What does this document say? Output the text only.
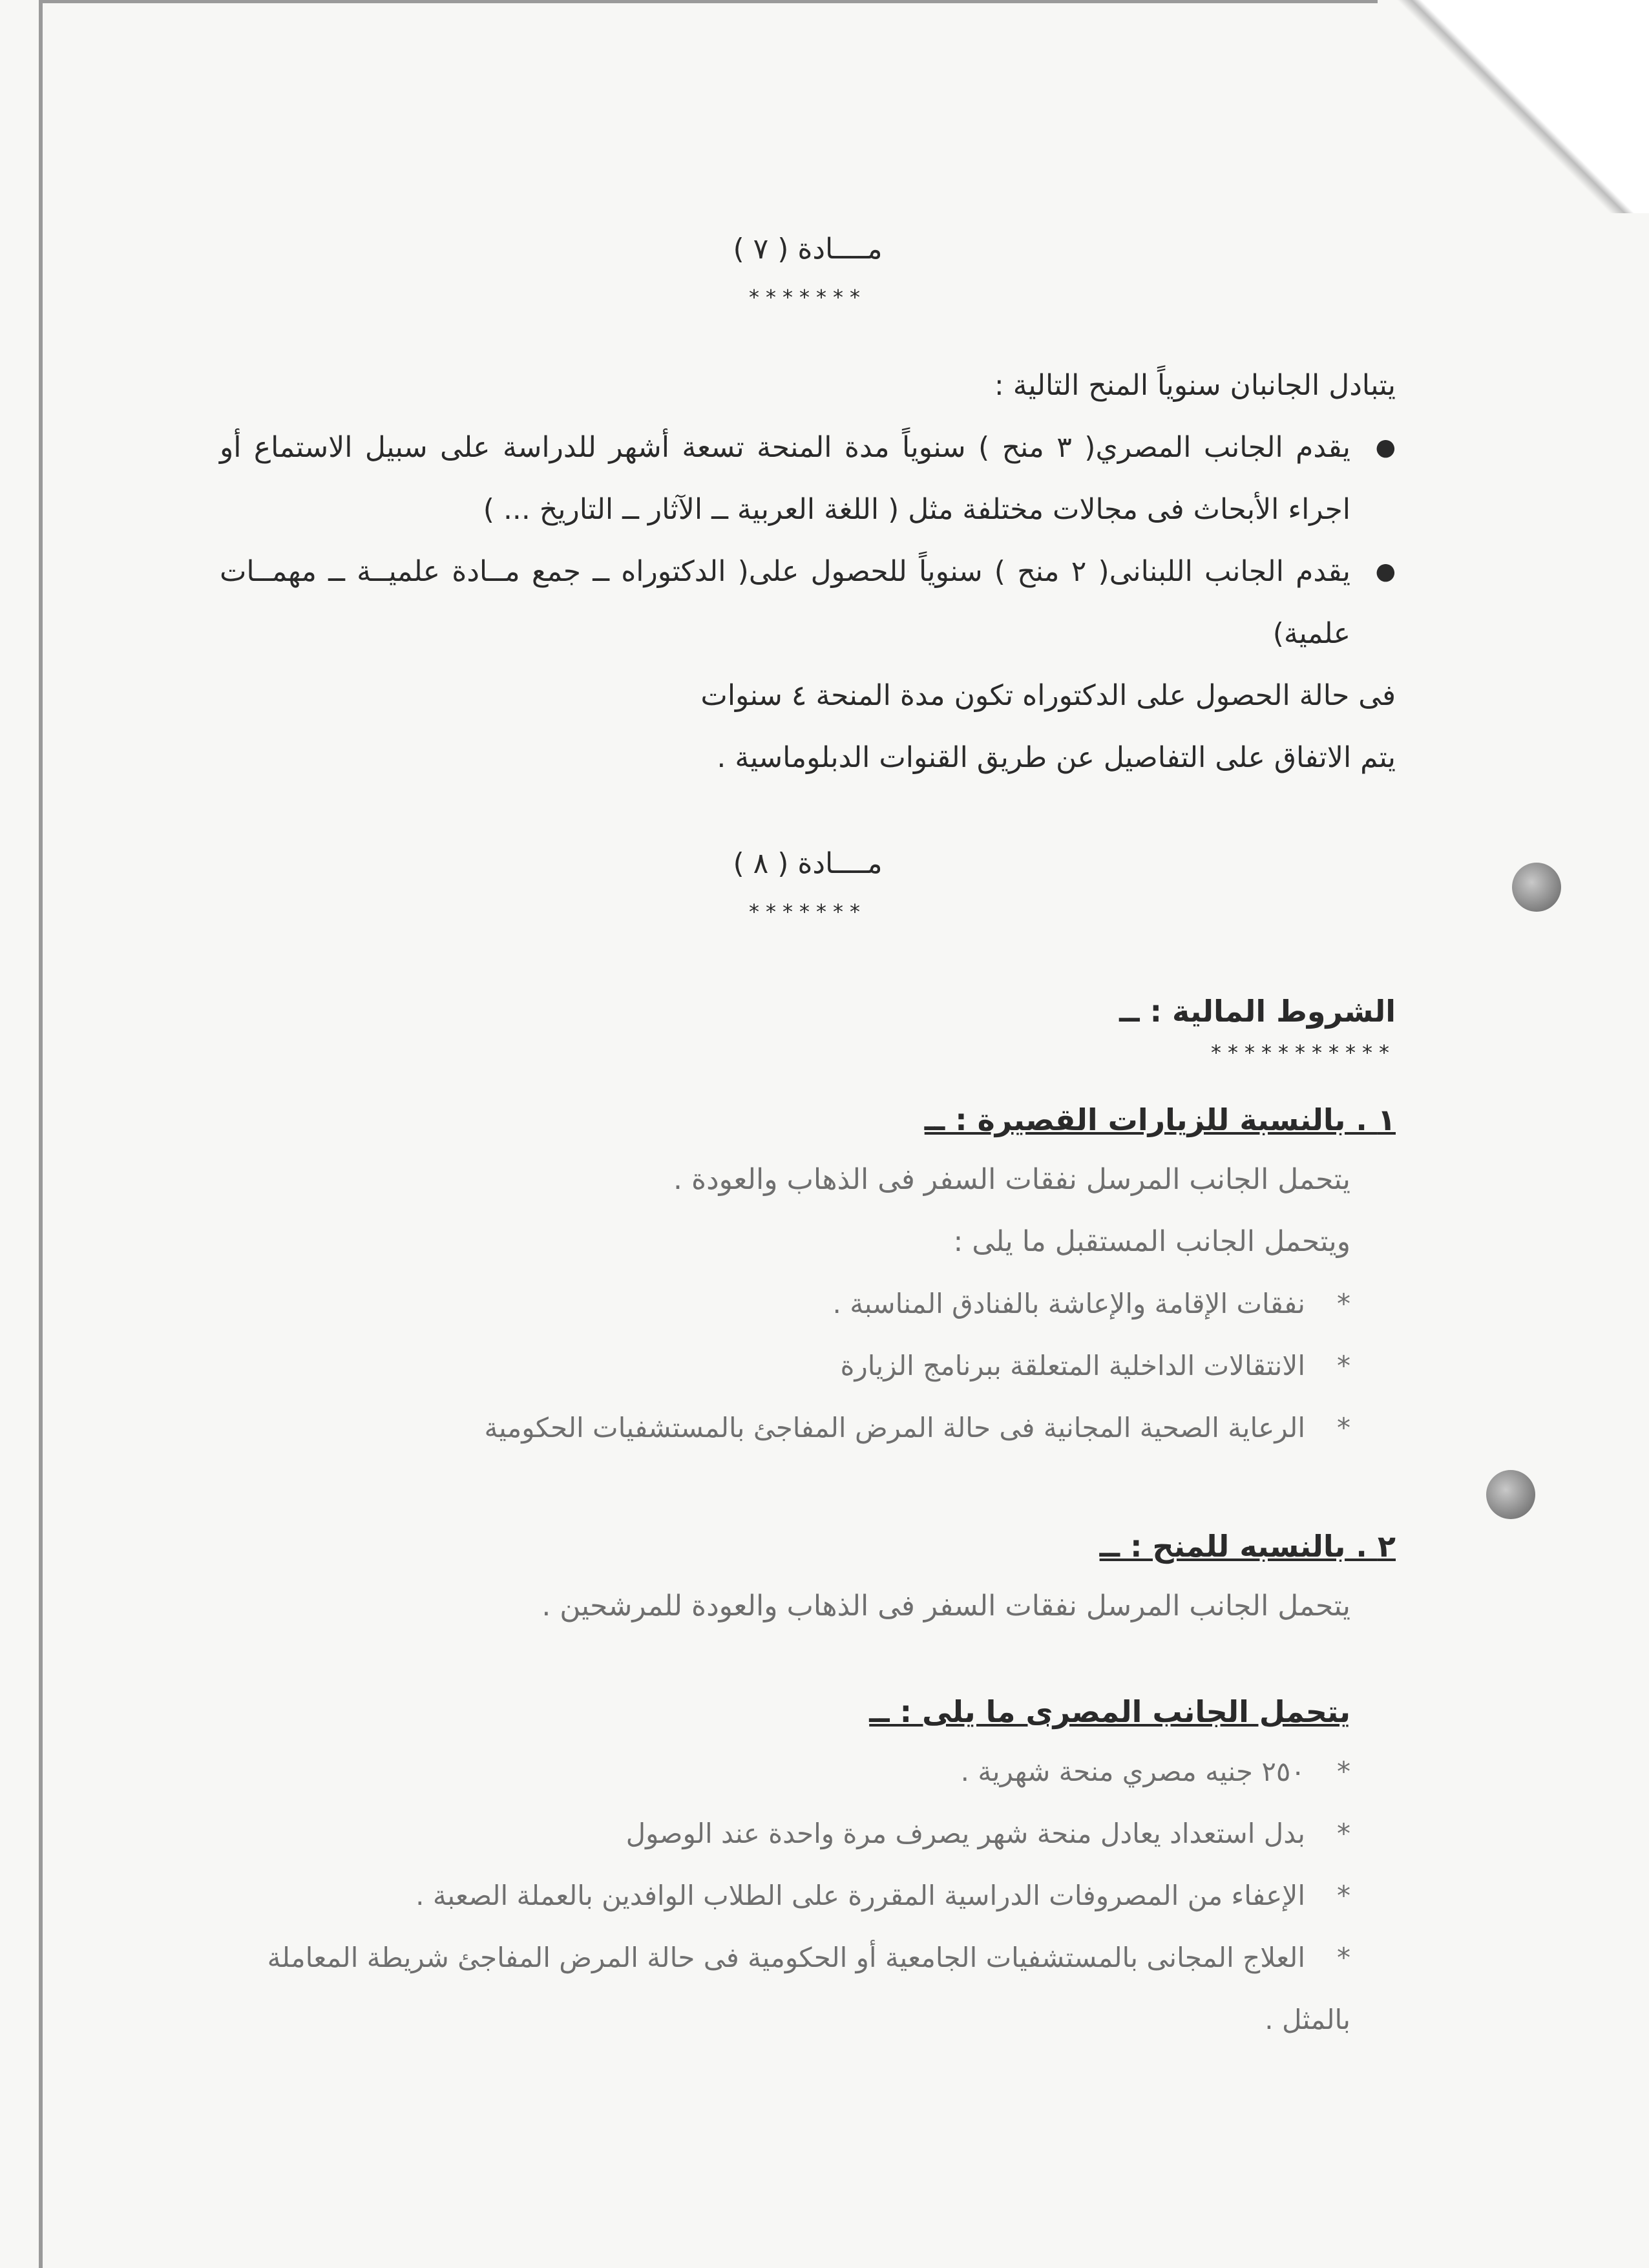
مــــادة ( ٧ )
*******

يتبادل الجانبان سنوياً المنح التالية :

●
يقدم الجانب المصري( ٣ منح ) سنوياً مدة المنحة تسعة أشهر للدراسة على سبيل الاستماع أو اجراء الأبحاث فى مجالات مختلفة مثل ( اللغة العربية ــ الآثار ــ التاريخ ... )

●
يقدم الجانب اللبنانى( ٢ منح ) سنوياً للحصول على( الدكتوراه ــ جمع مــادة علميــة ــ مهمــات علمية)

فى حالة الحصول على الدكتوراه تكون مدة المنحة ٤ سنوات

يتم الاتفاق على التفاصيل عن طريق القنوات الدبلوماسية .

مــــادة ( ٨ )
*******

الشروط المالية : ــ

***********

١ . بالنسبة للزيارات القصيرة : ــ

يتحمل الجانب المرسل نفقات السفر فى الذهاب والعودة .

ويتحمل الجانب المستقبل ما يلى :

*
نفقات الإقامة والإعاشة بالفنادق المناسبة .

*
الانتقالات الداخلية المتعلقة ببرنامج الزيارة

*
الرعاية الصحية المجانية فى حالة المرض المفاجئ بالمستشفيات الحكومية

٢ . بالنسبه للمنح : ــ

يتحمل الجانب المرسل نفقات السفر فى الذهاب والعودة للمرشحين .

يتحمل الجانب المصرى ما يلى : ــ

*
٢٥٠ جنيه مصري منحة شهرية .

*
بدل استعداد يعادل منحة شهر يصرف مرة واحدة عند الوصول

*
الإعفاء من المصروفات الدراسية المقررة على الطلاب الوافدين بالعملة الصعبة .

*
العلاج المجانى بالمستشفيات الجامعية أو الحكومية فى حالة المرض المفاجئ شريطة المعاملة بالمثل .
